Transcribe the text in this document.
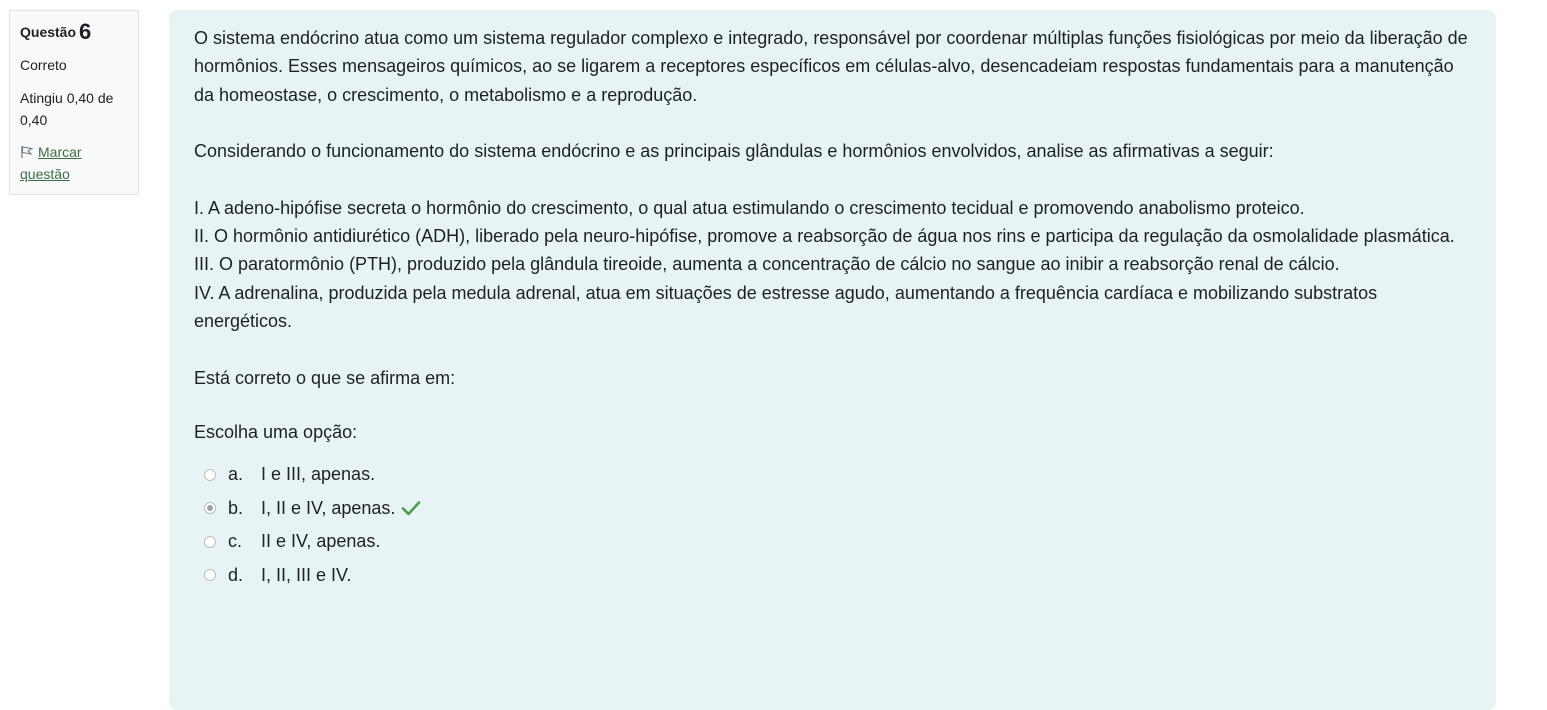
Questão 6
Correto
Atingiu 0,40 de 0,40
Marcar questão

O sistema endócrino atua como um sistema regulador complexo e integrado, responsável por coordenar múltiplas funções fisiológicas por meio da liberação de hormônios. Esses mensageiros químicos, ao se ligarem a receptores específicos em células-alvo, desencadeiam respostas fundamentais para a manutenção da homeostase, o crescimento, o metabolismo e a reprodução.

Considerando o funcionamento do sistema endócrino e as principais glândulas e hormônios envolvidos, analise as afirmativas a seguir:

I. A adeno-hipófise secreta o hormônio do crescimento, o qual atua estimulando o crescimento tecidual e promovendo anabolismo proteico.

II. O hormônio antidiurético (ADH), liberado pela neuro-hipófise, promove a reabsorção de água nos rins e participa da regulação da osmolalidade plasmática.

III. O paratormônio (PTH), produzido pela glândula tireoide, aumenta a concentração de cálcio no sangue ao inibir a reabsorção renal de cálcio.

IV. A adrenalina, produzida pela medula adrenal, atua em situações de estresse agudo, aumentando a frequência cardíaca e mobilizando substratos energéticos.

Está correto o que se afirma em:

Escolha uma opção:
a. I e III, apenas.
b. I, II e IV, apenas.
c.	II e IV, apenas.
d. I, II, III e IV.
